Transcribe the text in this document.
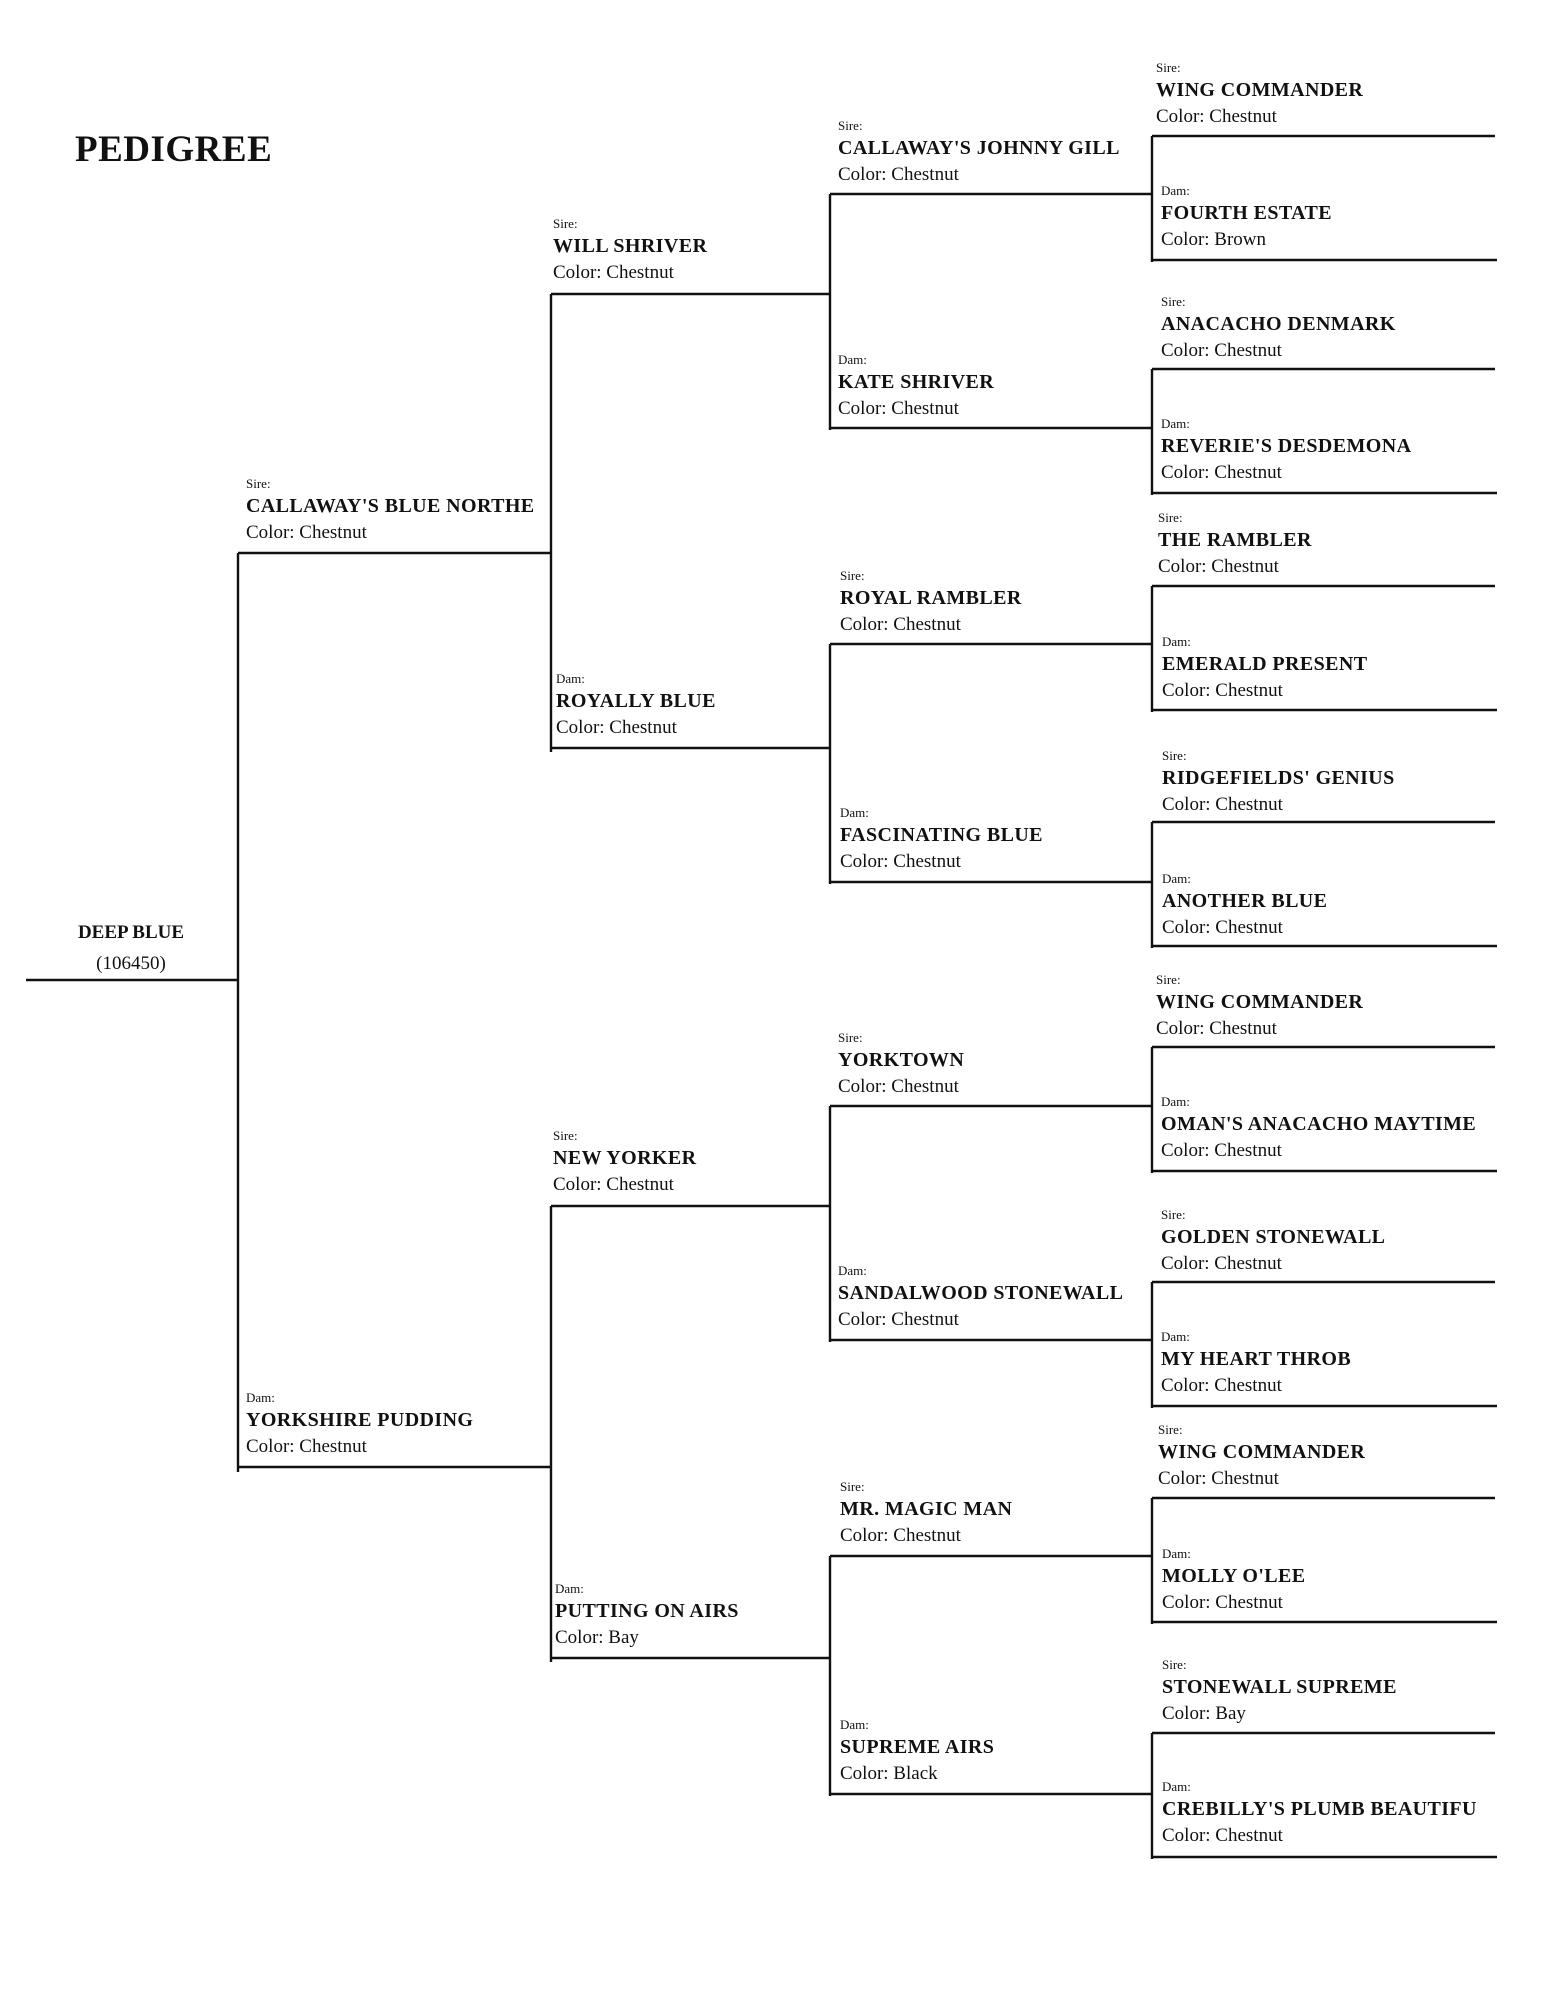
PEDIGREE
DEEP BLUE
(106450)
Sire:
CALLAWAY'S BLUE NORTHE
Color: Chestnut
Dam:
YORKSHIRE PUDDING
Color: Chestnut
Sire:
WILL SHRIVER
Color: Chestnut
Dam:
ROYALLY BLUE
Color: Chestnut
Sire:
NEW YORKER
Color: Chestnut
Dam:
PUTTING ON AIRS
Color: Bay
Sire:
CALLAWAY'S JOHNNY GILL
Color: Chestnut
Dam:
KATE SHRIVER
Color: Chestnut
Sire:
ROYAL RAMBLER
Color: Chestnut
Dam:
FASCINATING BLUE
Color: Chestnut
Sire:
YORKTOWN
Color: Chestnut
Dam:
SANDALWOOD STONEWALL
Color: Chestnut
Sire:
MR. MAGIC MAN
Color: Chestnut
Dam:
SUPREME AIRS
Color: Black
Sire:
WING COMMANDER
Color: Chestnut
Dam:
FOURTH ESTATE
Color: Brown
Sire:
ANACACHO DENMARK
Color: Chestnut
Dam:
REVERIE'S DESDEMONA
Color: Chestnut
Sire:
THE RAMBLER
Color: Chestnut
Dam:
EMERALD PRESENT
Color: Chestnut
Sire:
RIDGEFIELDS' GENIUS
Color: Chestnut
Dam:
ANOTHER BLUE
Color: Chestnut
Sire:
WING COMMANDER
Color: Chestnut
Dam:
OMAN'S ANACACHO MAYTIME
Color: Chestnut
Sire:
GOLDEN STONEWALL
Color: Chestnut
Dam:
MY HEART THROB
Color: Chestnut
Sire:
WING COMMANDER
Color: Chestnut
Dam:
MOLLY O'LEE
Color: Chestnut
Sire:
STONEWALL SUPREME
Color: Bay
Dam:
CREBILLY'S PLUMB BEAUTIFU
Color: Chestnut
